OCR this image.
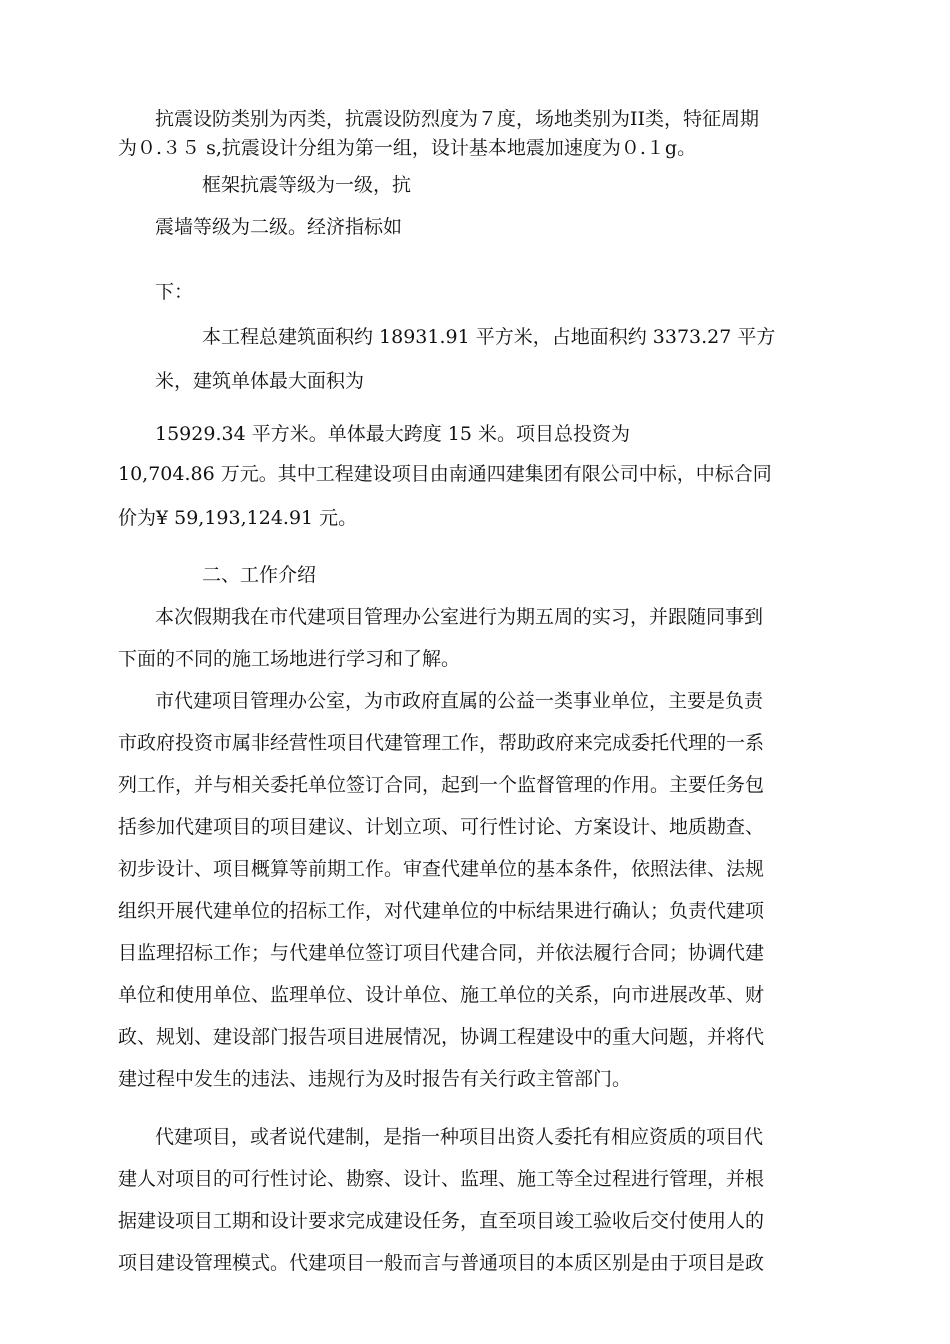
抗震设防类别为丙类，抗震设防烈度为７度，场地类别为II类，特征周期
为０.３５ s,抗震设计分组为第一组，设计基本地震加速度为０.１g。
框架抗震等级为一级，抗
震墙等级为二级。经济指标如
下：
本工程总建筑面积约 18931.91 平方米，占地面积约 3373.27 平方
米，建筑单体最大面积为
15929.34 平方米。单体最大跨度 15 米。项目总投资为
10,704.86 万元。其中工程建设项目由南通四建集团有限公司中标，中标合同
价为¥ 59,193,124.91 元。
二、工作介绍
本次假期我在市代建项目管理办公室进行为期五周的实习，并跟随同事到
下面的不同的施工场地进行学习和了解。
市代建项目管理办公室，为市政府直属的公益一类事业单位，主要是负责
市政府投资市属非经营性项目代建管理工作，帮助政府来完成委托代理的一系
列工作，并与相关委托单位签订合同，起到一个监督管理的作用。主要任务包
括参加代建项目的项目建议、计划立项、可行性讨论、方案设计、地质勘查、
初步设计、项目概算等前期工作。审查代建单位的基本条件，依照法律、法规
组织开展代建单位的招标工作，对代建单位的中标结果进行确认；负责代建项
目监理招标工作；与代建单位签订项目代建合同，并依法履行合同；协调代建
单位和使用单位、监理单位、设计单位、施工单位的关系，向市进展改革、财
政、规划、建设部门报告项目进展情况，协调工程建设中的重大问题，并将代
建过程中发生的违法、违规行为及时报告有关行政主管部门。
代建项目，或者说代建制，是指一种项目出资人委托有相应资质的项目代
建人对项目的可行性讨论、勘察、设计、监理、施工等全过程进行管理，并根
据建设项目工期和设计要求完成建设任务，直至项目竣工验收后交付使用人的
项目建设管理模式。代建项目一般而言与普通项目的本质区别是由于项目是政
